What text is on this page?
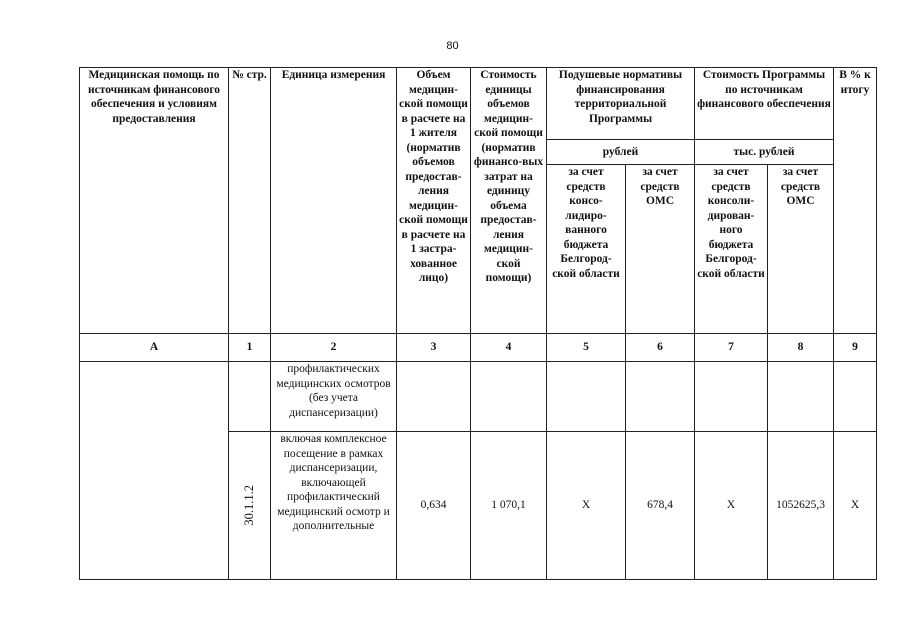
80
Медицинская помощь по источникам финансового обеспечения и условиям предоставления	№ стр.	Единица измерения	Объем медицин-ской помощи в расчете на 1 жителя (норматив объемов предостав-ления медицин-ской помощи в расчете на 1 застра-хованное лицо)	Стоимость единицы объемов медицин-ской помощи (норматив финансо-вых затрат на единицу объема предостав-ления медицин-ской помощи)	Подушевые нормативы финансирования территориальной Программы		Стоимость Программы по источникам финансового обеспечения		В % к итогу
					рублей		тыс. рублей		
					за счет средств консо-лидиро-ванного бюджета Белгород-ской области	за счет средств ОМС	за счет средств консоли-дирован-ного бюджета Белгород-ской области	за счет средств ОМС	
А	1	2	3	4	5	6	7	8	9
		профилактических медицинских осмотров (без учета диспансеризации)							

	30.1.1.2	включая комплексное посещение в рамках диспансеризации, включающей профилактический медицинский осмотр и дополнительные	0,634	1 070,1	X	678,4	X	1052625,3	X
